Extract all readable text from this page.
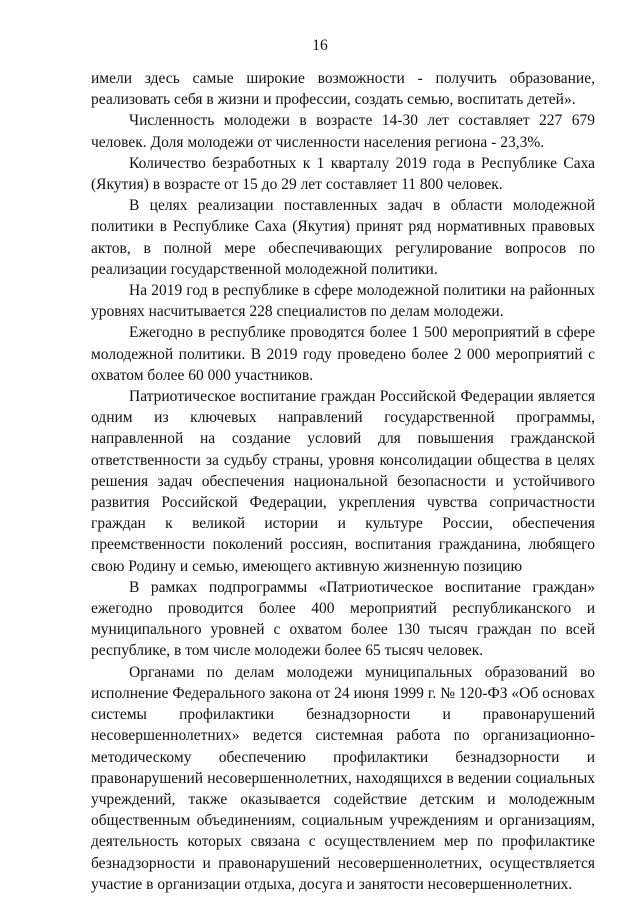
16

имели здесь самые широкие возможности - получить образование, реализовать себя в жизни и профессии, создать семью, воспитать детей».

Численность молодежи в возрасте 14-30 лет составляет 227 679 человек. Доля молодежи от численности населения региона - 23,3%.

Количество безработных к 1 кварталу 2019 года в Республике Саха (Якутия) в возрасте от 15 до 29 лет составляет 11 800 человек.

В целях реализации поставленных задач в области молодежной политики в Республике Саха (Якутия) принят ряд нормативных правовых актов, в полной мере обеспечивающих регулирование вопросов по реализации государственной молодежной политики.

На 2019 год в республике в сфере молодежной политики на районных уровнях насчитывается 228 специалистов по делам молодежи.

Ежегодно в республике проводятся более 1 500 мероприятий в сфере молодежной политики. В 2019 году проведено более 2 000 мероприятий с охватом более 60 000 участников.

Патриотическое воспитание граждан Российской Федерации является одним из ключевых направлений государственной программы, направленной на создание условий для повышения гражданской ответственности за судьбу страны, уровня консолидации общества в целях решения задач обеспечения национальной безопасности и устойчивого развития Российской Федерации, укрепления чувства сопричастности граждан к великой истории и культуре России, обеспечения преемственности поколений россиян, воспитания гражданина, любящего свою Родину и семью, имеющего активную жизненную позицию

В рамках подпрограммы «Патриотическое воспитание граждан» ежегодно проводится более 400 мероприятий республиканского и муниципального уровней с охватом более 130 тысяч граждан по всей республике, в том числе молодежи более 65 тысяч человек.

Органами по делам молодежи муниципальных образований во исполнение Федерального закона от 24 июня 1999 г. № 120-ФЗ «Об основах системы профилактики безнадзорности и правонарушений несовершеннолетних» ведется системная работа по организационно-методическому обеспечению профилактики безнадзорности и правонарушений несовершеннолетних, находящихся в ведении социальных учреждений, также оказывается содействие детским и молодежным общественным объединениям, социальным учреждениям и организациям, деятельность которых связана с осуществлением мер по профилактике безнадзорности и правонарушений несовершеннолетних, осуществляется участие в организации отдыха, досуга и занятости несовершеннолетних.
